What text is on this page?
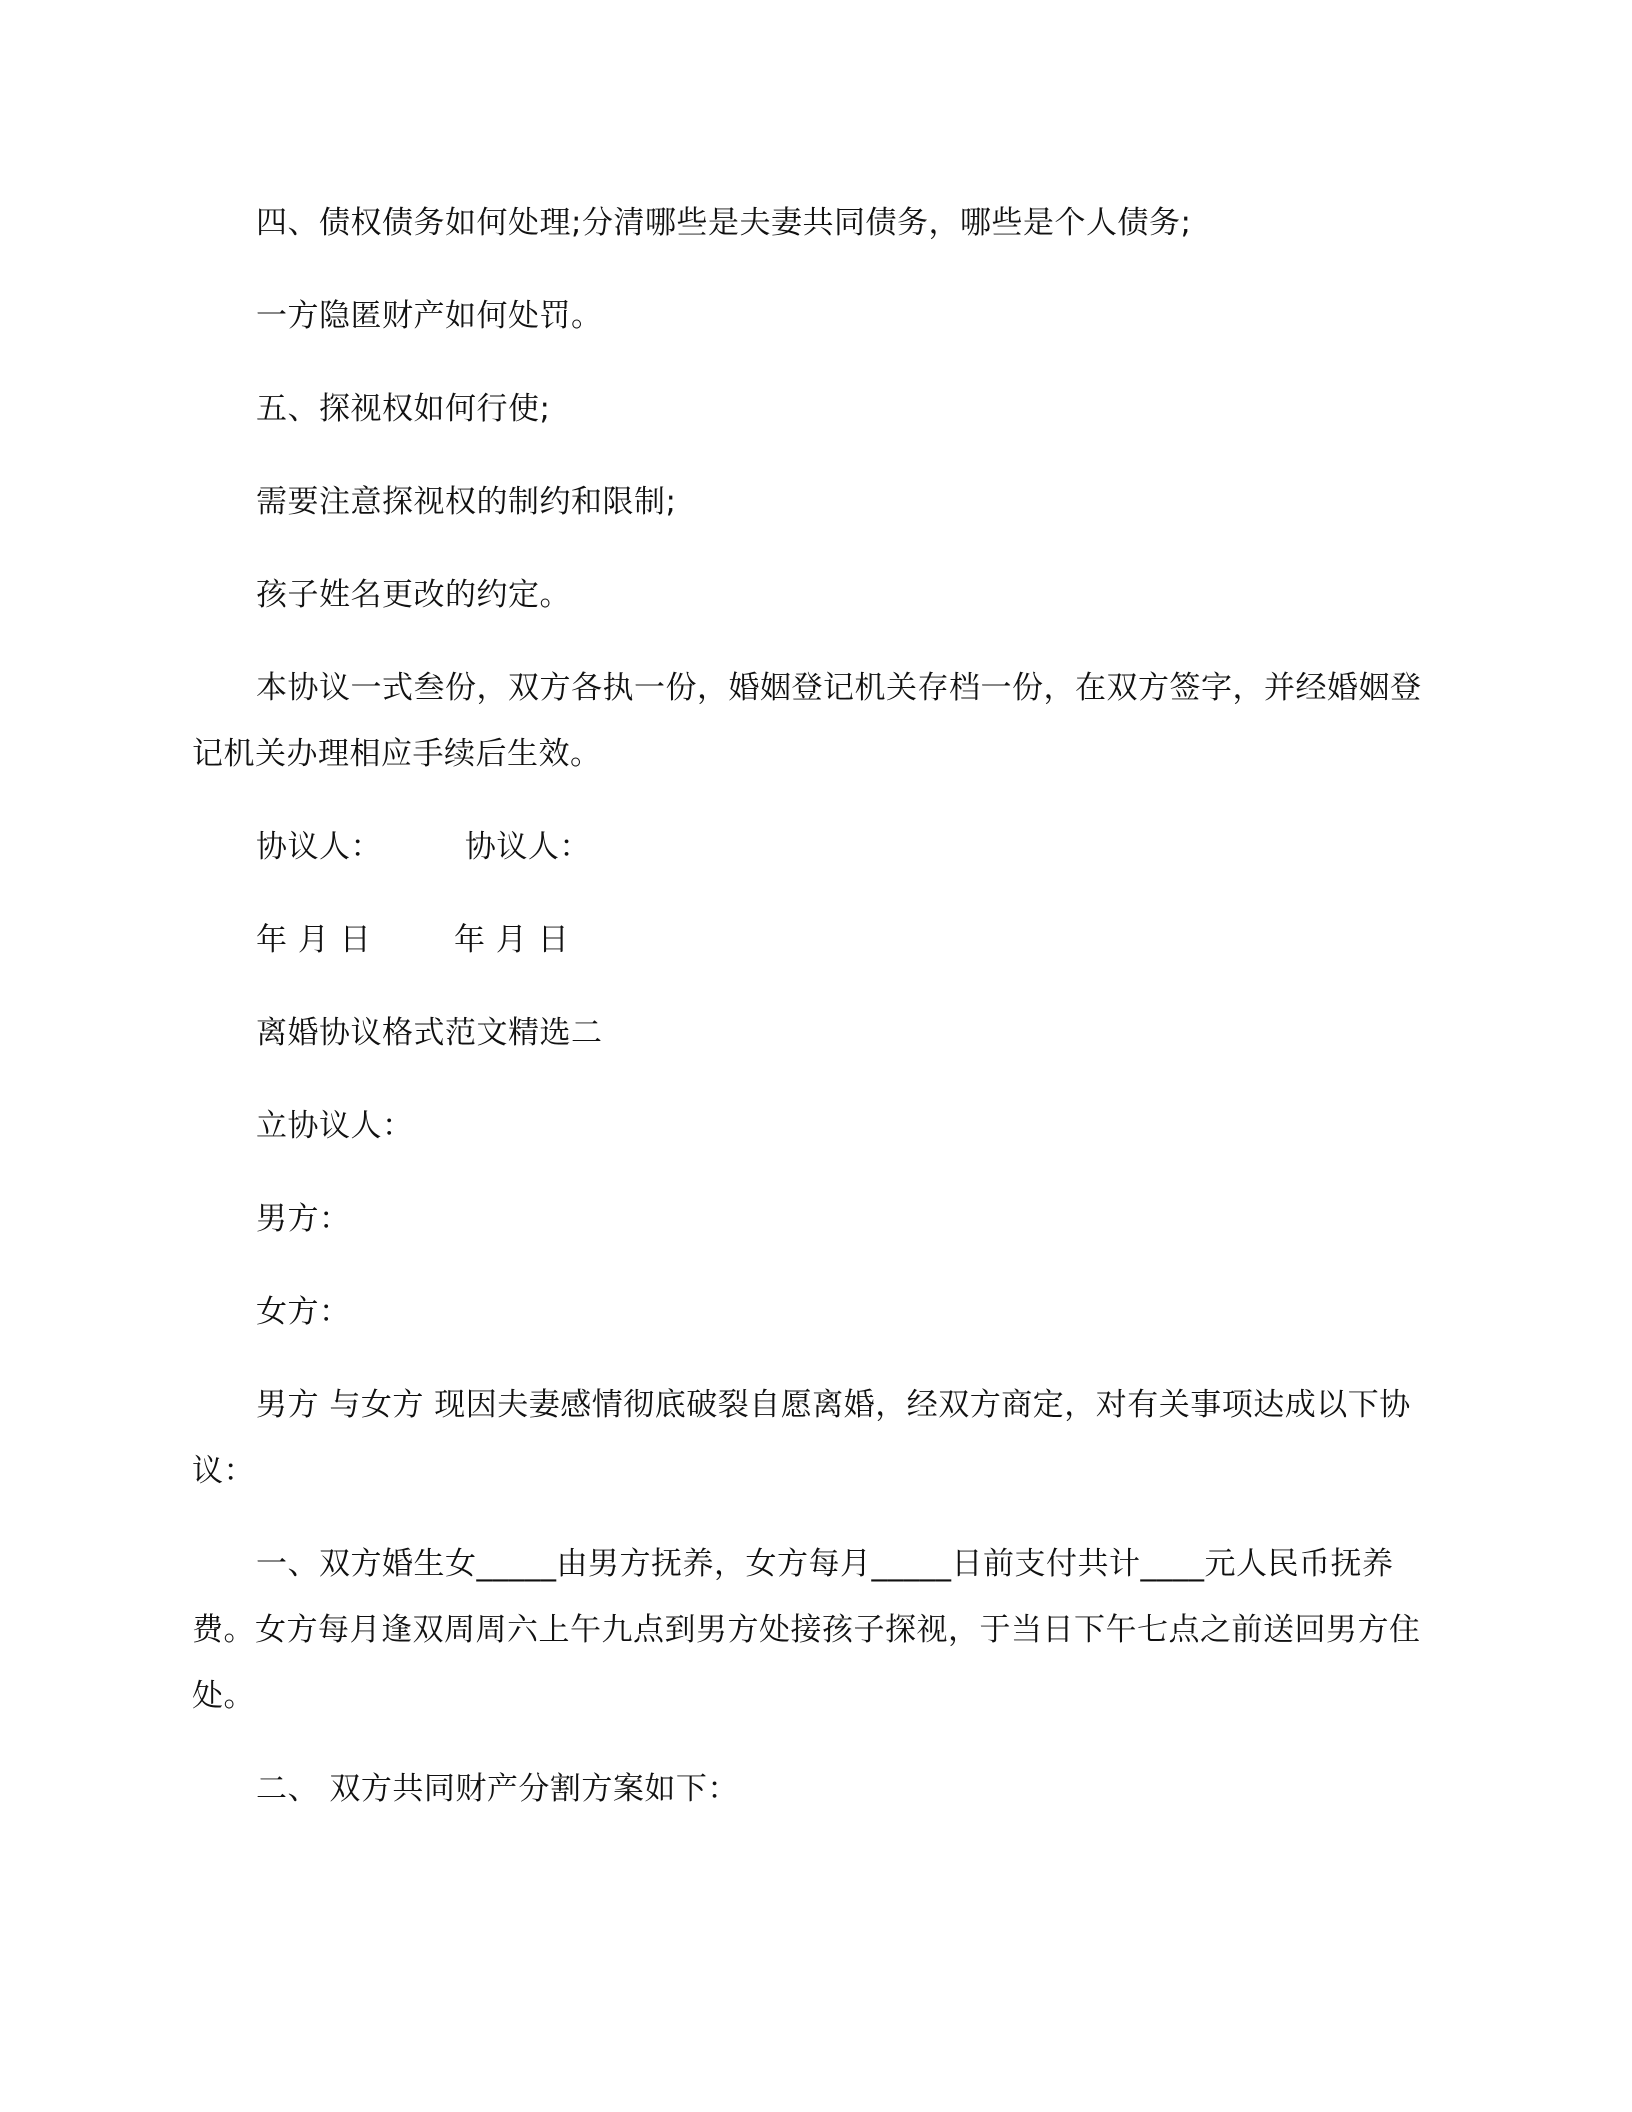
四、债权债务如何处理;分清哪些是夫妻共同债务，哪些是个人债务;

一方隐匿财产如何处罚。

五、探视权如何行使;

需要注意探视权的制约和限制;

孩子姓名更改的约定。

本协议一式叁份，双方各执一份，婚姻登记机关存档一份，在双方签字，并经婚姻登记机关办理相应手续后生效。

协议人：        协议人：

年 月 日        年 月 日

离婚协议格式范文精选二

立协议人：

男方：

女方：

男方 与女方 现因夫妻感情彻底破裂自愿离婚，经双方商定，对有关事项达成以下协议：

一、双方婚生女_____由男方抚养，女方每月_____日前支付共计____元人民币抚养费。女方每月逢双周周六上午九点到男方处接孩子探视，于当日下午七点之前送回男方住处。

二、 双方共同财产分割方案如下：
